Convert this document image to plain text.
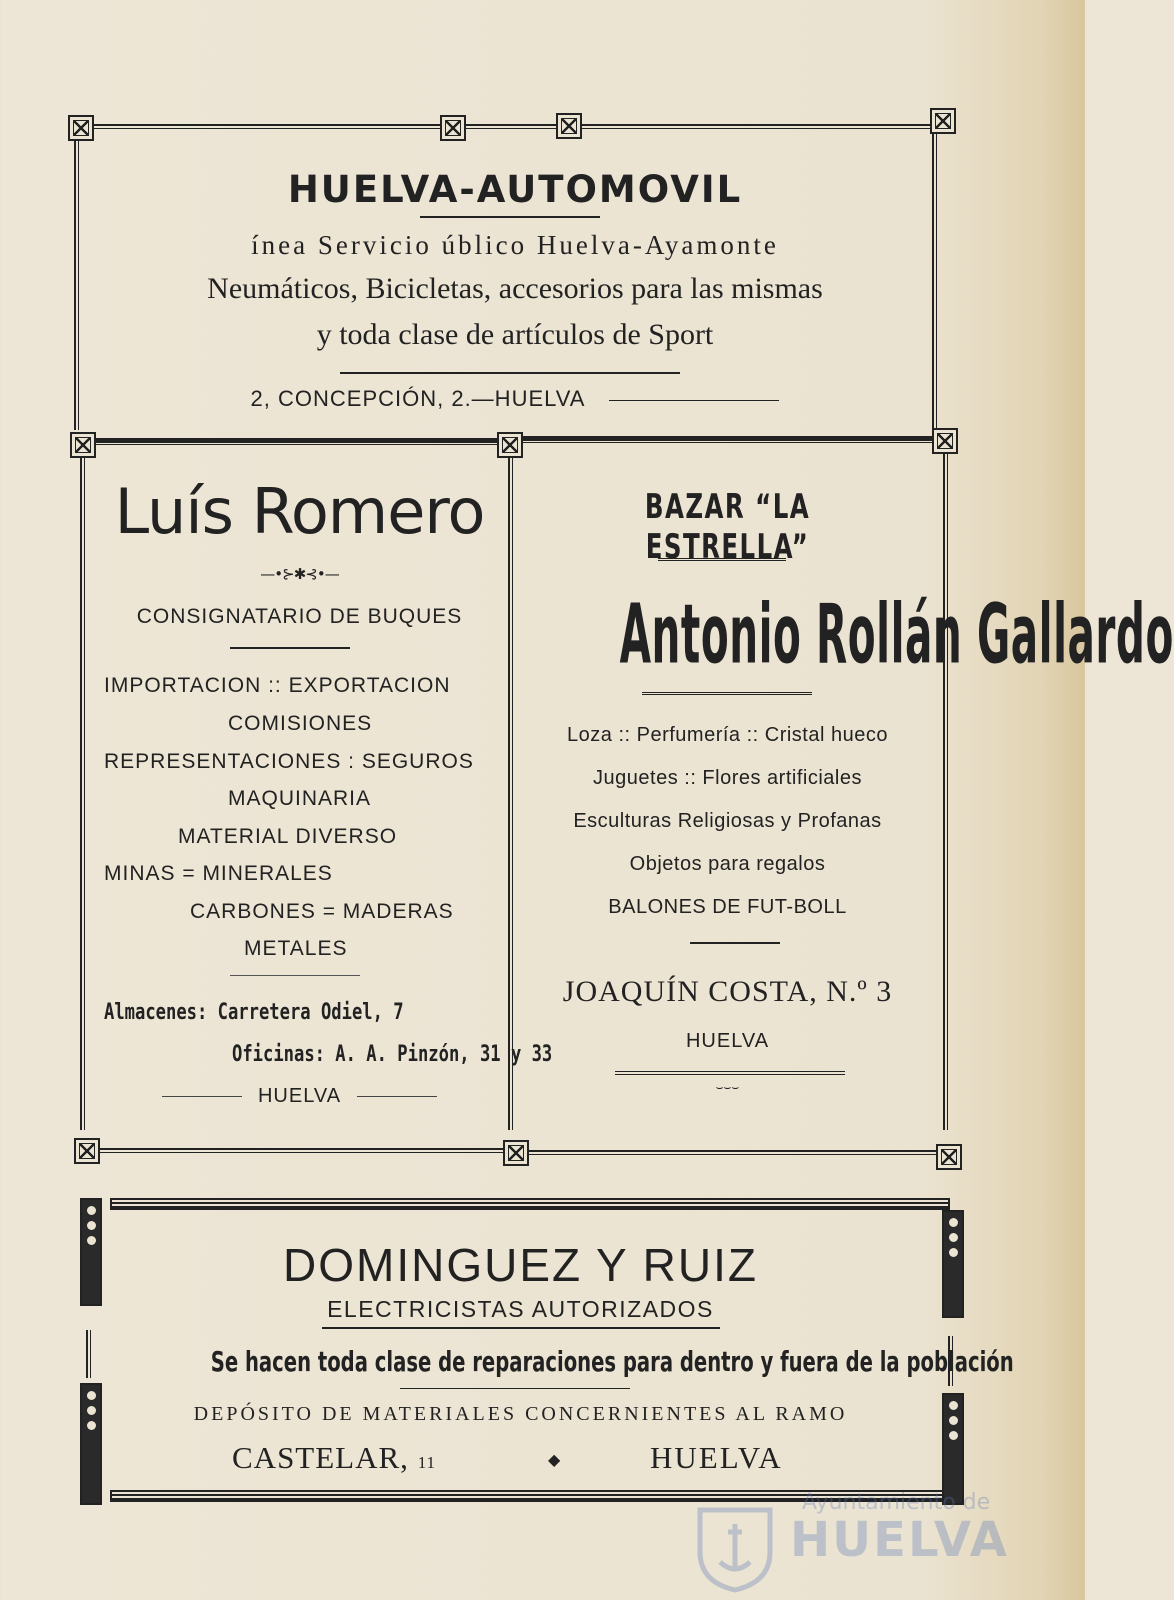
HUELVA-AUTOMOVIL
ínea Servicio úblico Huelva-Ayamonte
Neumáticos, Bicicletas, accesorios para las mismas
y toda clase de artículos de Sport
2, CONCEPCIÓN, 2.—HUELVA
Luís Romero
—•⊱✱⊰•—
CONSIGNATARIO DE BUQUES
IMPORTACION :: EXPORTACION
COMISIONES
REPRESENTACIONES : SEGUROS
MAQUINARIA
MATERIAL DIVERSO
MINAS = MINERALES
CARBONES = MADERAS
METALES
Almacenes: Carretera Odiel, 7
Oficinas: A. A. Pinzón, 31 y 33
HUELVA
BAZAR “LA ESTRELLA”
Antonio Rollán Gallardo
Loza :: Perfumería :: Cristal hueco
Juguetes :: Flores artificiales
Esculturas Religiosas y Profanas
Objetos para regalos
BALONES DE FUT-BOLL
JOAQUÍN COSTA, N.º 3
HUELVA
⌣⌣⌣
DOMINGUEZ Y RUIZ
ELECTRICISTAS AUTORIZADOS
Se hacen toda clase de reparaciones para dentro y fuera de la población
DEPÓSITO DE MATERIALES CONCERNIENTES AL RAMO
CASTELAR, 11	◆	HUELVA
Ayuntamiento de
HUELVA
